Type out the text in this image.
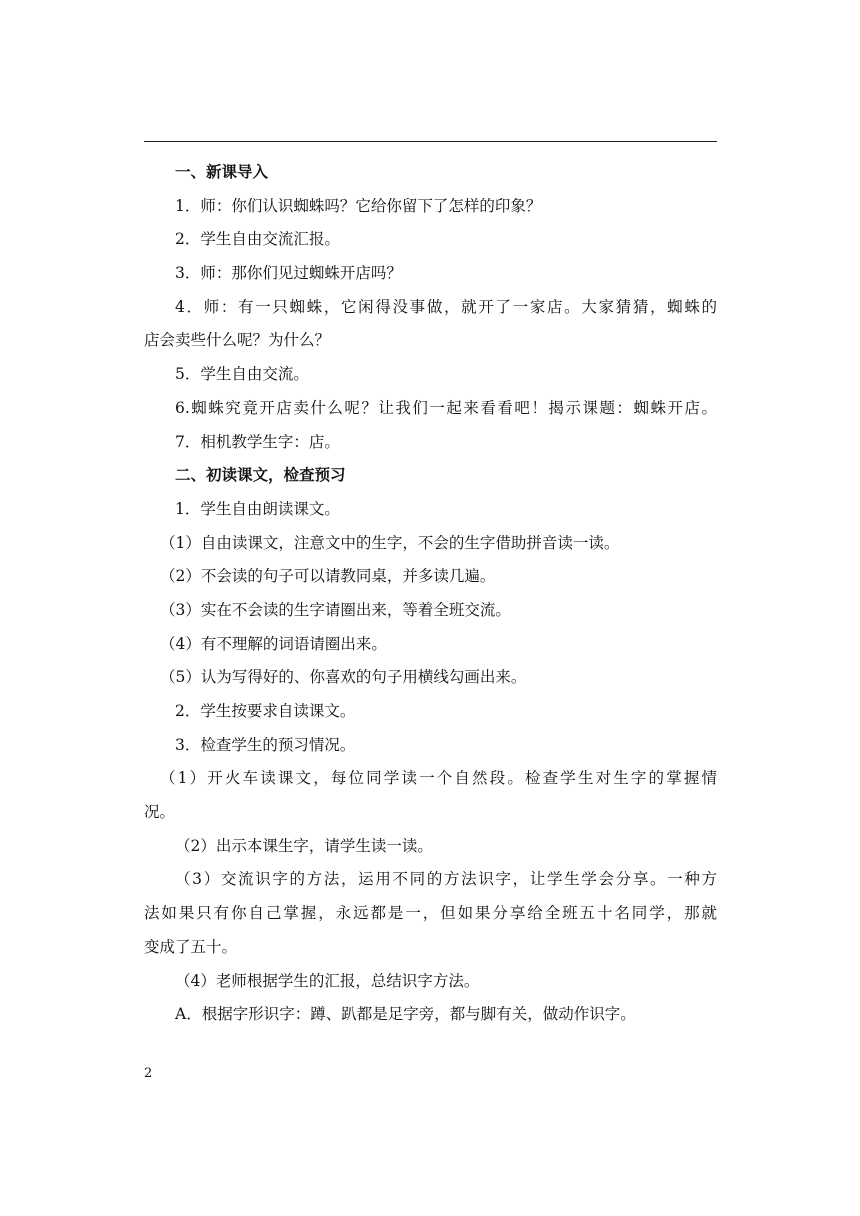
一、新课导入
1．师：你们认识蜘蛛吗？它给你留下了怎样的印象？
2．学生自由交流汇报。
3．师：那你们见过蜘蛛开店吗？
4．师：有一只蜘蛛，它闲得没事做，就开了一家店。大家猜猜，蜘蛛的
店会卖些什么呢？为什么？
5．学生自由交流。
6.蜘蛛究竟开店卖什么呢？让我们一起来看看吧！揭示课题：蜘蛛开店。
7．相机教学生字：店。
二、初读课文，检查预习
1．学生自由朗读课文。
（1）自由读课文，注意文中的生字，不会的生字借助拼音读一读。
（2）不会读的句子可以请教同桌，并多读几遍。
（3）实在不会读的生字请圈出来，等着全班交流。
（4）有不理解的词语请圈出来。
（5）认为写得好的、你喜欢的句子用横线勾画出来。
2．学生按要求自读课文。
3．检查学生的预习情况。
（1）开火车读课文，每位同学读一个自然段。检查学生对生字的掌握情
况。
（2）出示本课生字，请学生读一读。
（3）交流识字的方法，运用不同的方法识字，让学生学会分享。一种方
法如果只有你自己掌握，永远都是一，但如果分享给全班五十名同学，那就
变成了五十。
（4）老师根据学生的汇报，总结识字方法。
A．根据字形识字：蹲、趴都是足字旁，都与脚有关，做动作识字。
2
